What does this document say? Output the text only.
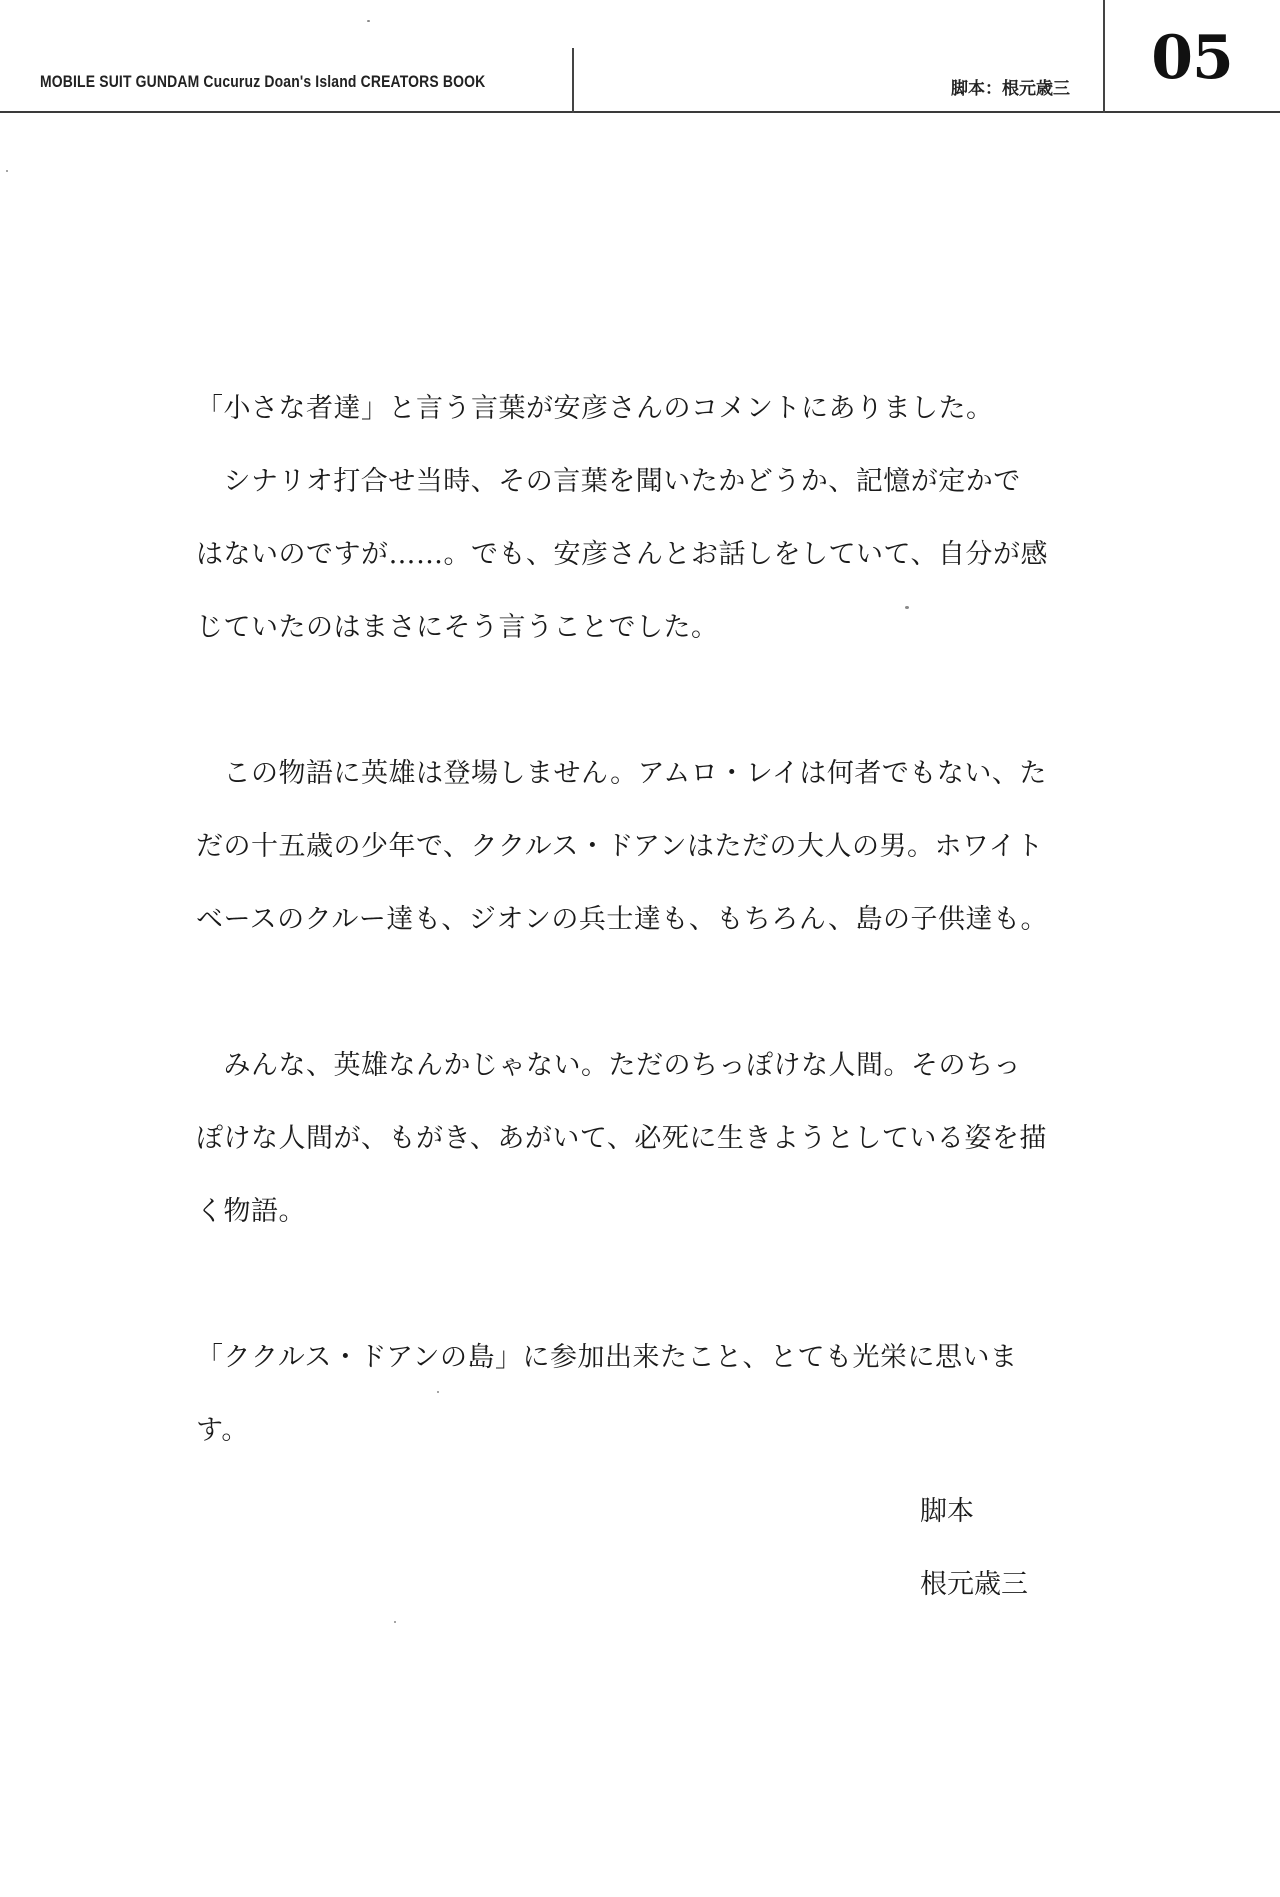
MOBILE SUIT GUNDAM Cucuruz Doan's Island CREATORS BOOK	脚本：根元歳三	05

「小さな者達」と言う言葉が安彦さんのコメントにありました。

　シナリオ打合せ当時、その言葉を聞いたかどうか、記憶が定かではないのですが……。でも、安彦さんとお話しをしていて、自分が感じていたのはまさにそう言うことでした。

　この物語に英雄は登場しません。アムロ・レイは何者でもない、ただの十五歳の少年で、ククルス・ドアンはただの大人の男。ホワイトベースのクルー達も、ジオンの兵士達も、もちろん、島の子供達も。

　みんな、英雄なんかじゃない。ただのちっぽけな人間。そのちっぽけな人間が、もがき、あがいて、必死に生きようとしている姿を描く物語。

「ククルス・ドアンの島」に参加出来たこと、とても光栄に思います。

脚本
根元歳三
